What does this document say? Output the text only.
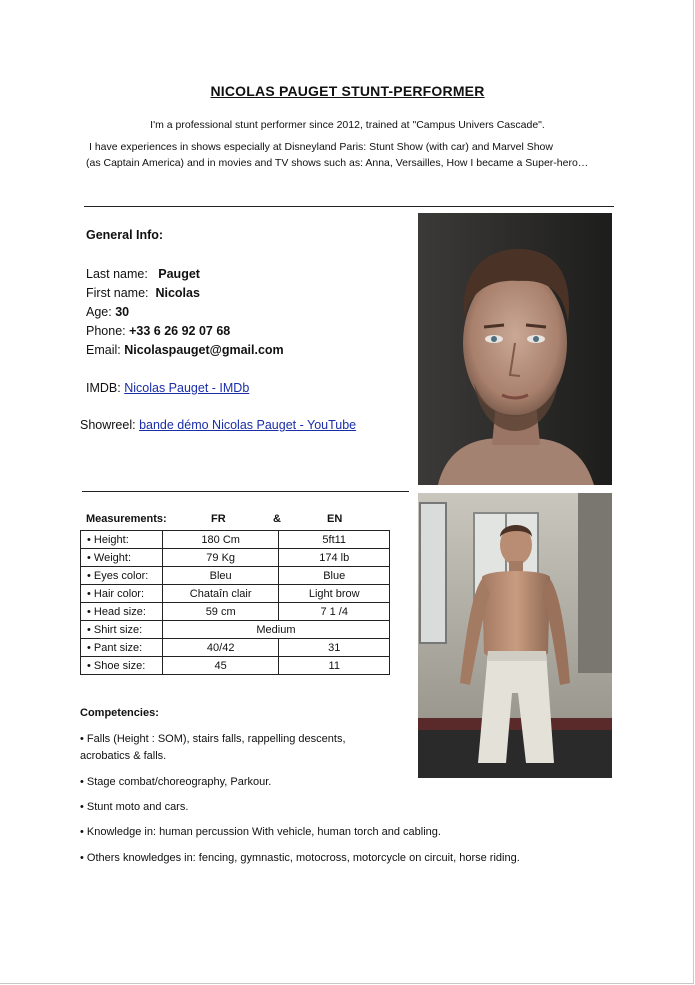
NICOLAS PAUGET STUNT-PERFORMER
I'm a professional stunt performer since 2012, trained at "Campus Univers Cascade".
I have experiences in shows especially at Disneyland Paris: Stunt Show (with car) and Marvel Show
(as Captain America) and in movies and TV shows such as: Anna, Versailles, How I became a Super-hero…
General Info:
Last name: Pauget
First name: Nicolas
Age: 30
Phone: +33 6 26 92 07 68
Email: Nicolaspauget@gmail.com
IMDB: Nicolas Pauget - IMDb
Showreel: bande démo Nicolas Pauget - YouTube
Measurements:	FR	&	EN
• Height:	180 Cm	5ft11
• Weight:	79 Kg	174 lb
• Eyes color:	Bleu	Blue
• Hair color:	Chataîn clair	Light brow
• Head size:	59 cm	7 1 /4
• Shirt size:	Medium	
• Pant size:	40/42	31
• Shoe size:	45	11
Competencies:
• Falls (Height : SOM), stairs falls, rappelling descents,
acrobatics & falls.
• Stage combat/choreography, Parkour.
• Stunt moto and cars.
• Knowledge in: human percussion With vehicle, human torch and cabling.
• Others knowledges in: fencing, gymnastic, motocross, motorcycle on circuit, horse riding.
